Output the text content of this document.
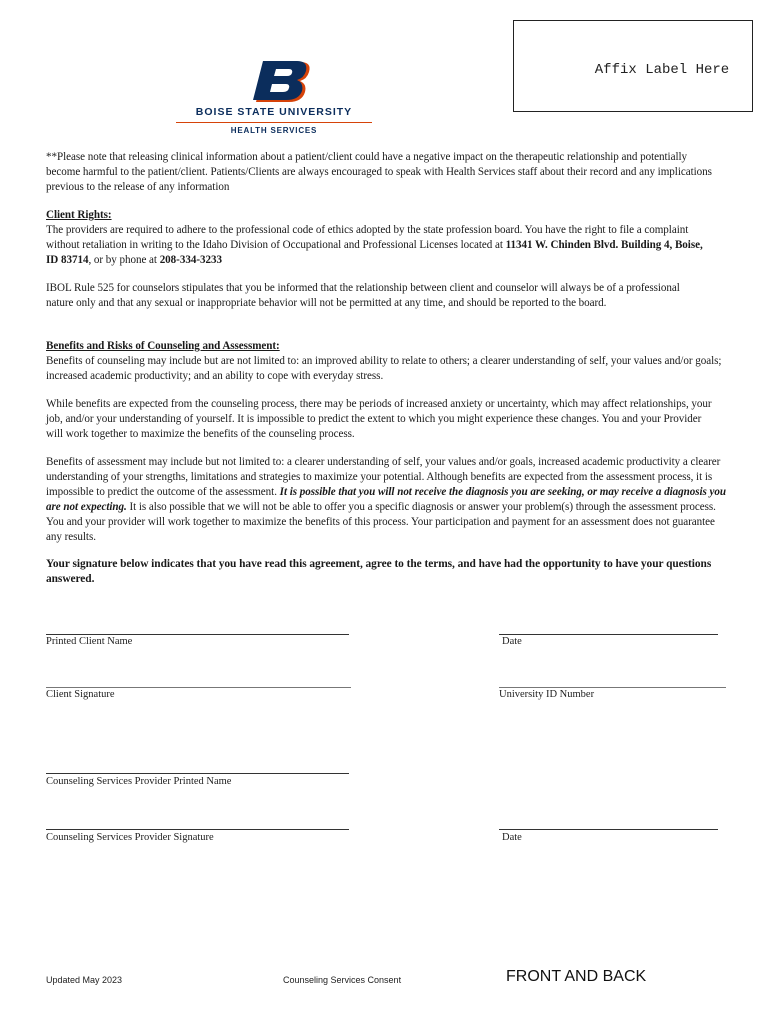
BOISE STATE UNIVERSITY
HEALTH SERVICES
Affix Label Here
**Please note that releasing clinical information about a patient/client could have a negative impact on the therapeutic relationship and potentially become harmful to the patient/client. Patients/Clients are always encouraged to speak with Health Services staff about their record and any implications previous to the release of any information
Client Rights:
The providers are required to adhere to the professional code of ethics adopted by the state profession board. You have the right to file a complaint without retaliation in writing to the Idaho Division of Occupational and Professional Licenses located at 11341 W. Chinden Blvd. Building 4, Boise, ID 83714, or by phone at 208-334-3233
IBOL Rule 525 for counselors stipulates that you be informed that the relationship between client and counselor will always be of a professional nature only and that any sexual or inappropriate behavior will not be permitted at any time, and should be reported to the board.
Benefits and Risks of Counseling and Assessment:
Benefits of counseling may include but are not limited to: an improved ability to relate to others; a clearer understanding of self, your values and/or goals; increased academic productivity; and an ability to cope with everyday stress.
While benefits are expected from the counseling process, there may be periods of increased anxiety or uncertainty, which may affect relationships, your job, and/or your understanding of yourself. It is impossible to predict the extent to which you might experience these changes. You and your Provider will work together to maximize the benefits of the counseling process.
Benefits of assessment may include but not limited to: a clearer understanding of self, your values and/or goals, increased academic productivity a clearer understanding of your strengths, limitations and strategies to maximize your potential. Although benefits are expected from the assessment process, it is impossible to predict the outcome of the assessment. It is possible that you will not receive the diagnosis you are seeking, or may receive a diagnosis you are not expecting. It is also possible that we will not be able to offer you a specific diagnosis or answer your problem(s) through the assessment process. You and your provider will work together to maximize the benefits of this process. Your participation and payment for an assessment does not guarantee any results.
Your signature below indicates that you have read this agreement, agree to the terms, and have had the opportunity to have your questions answered.
Printed Client Name	Date
Client Signature	University ID Number
Counseling Services Provider Printed Name
Counseling Services Provider Signature	Date
Updated May 2023	Counseling Services Consent	FRONT AND BACK
